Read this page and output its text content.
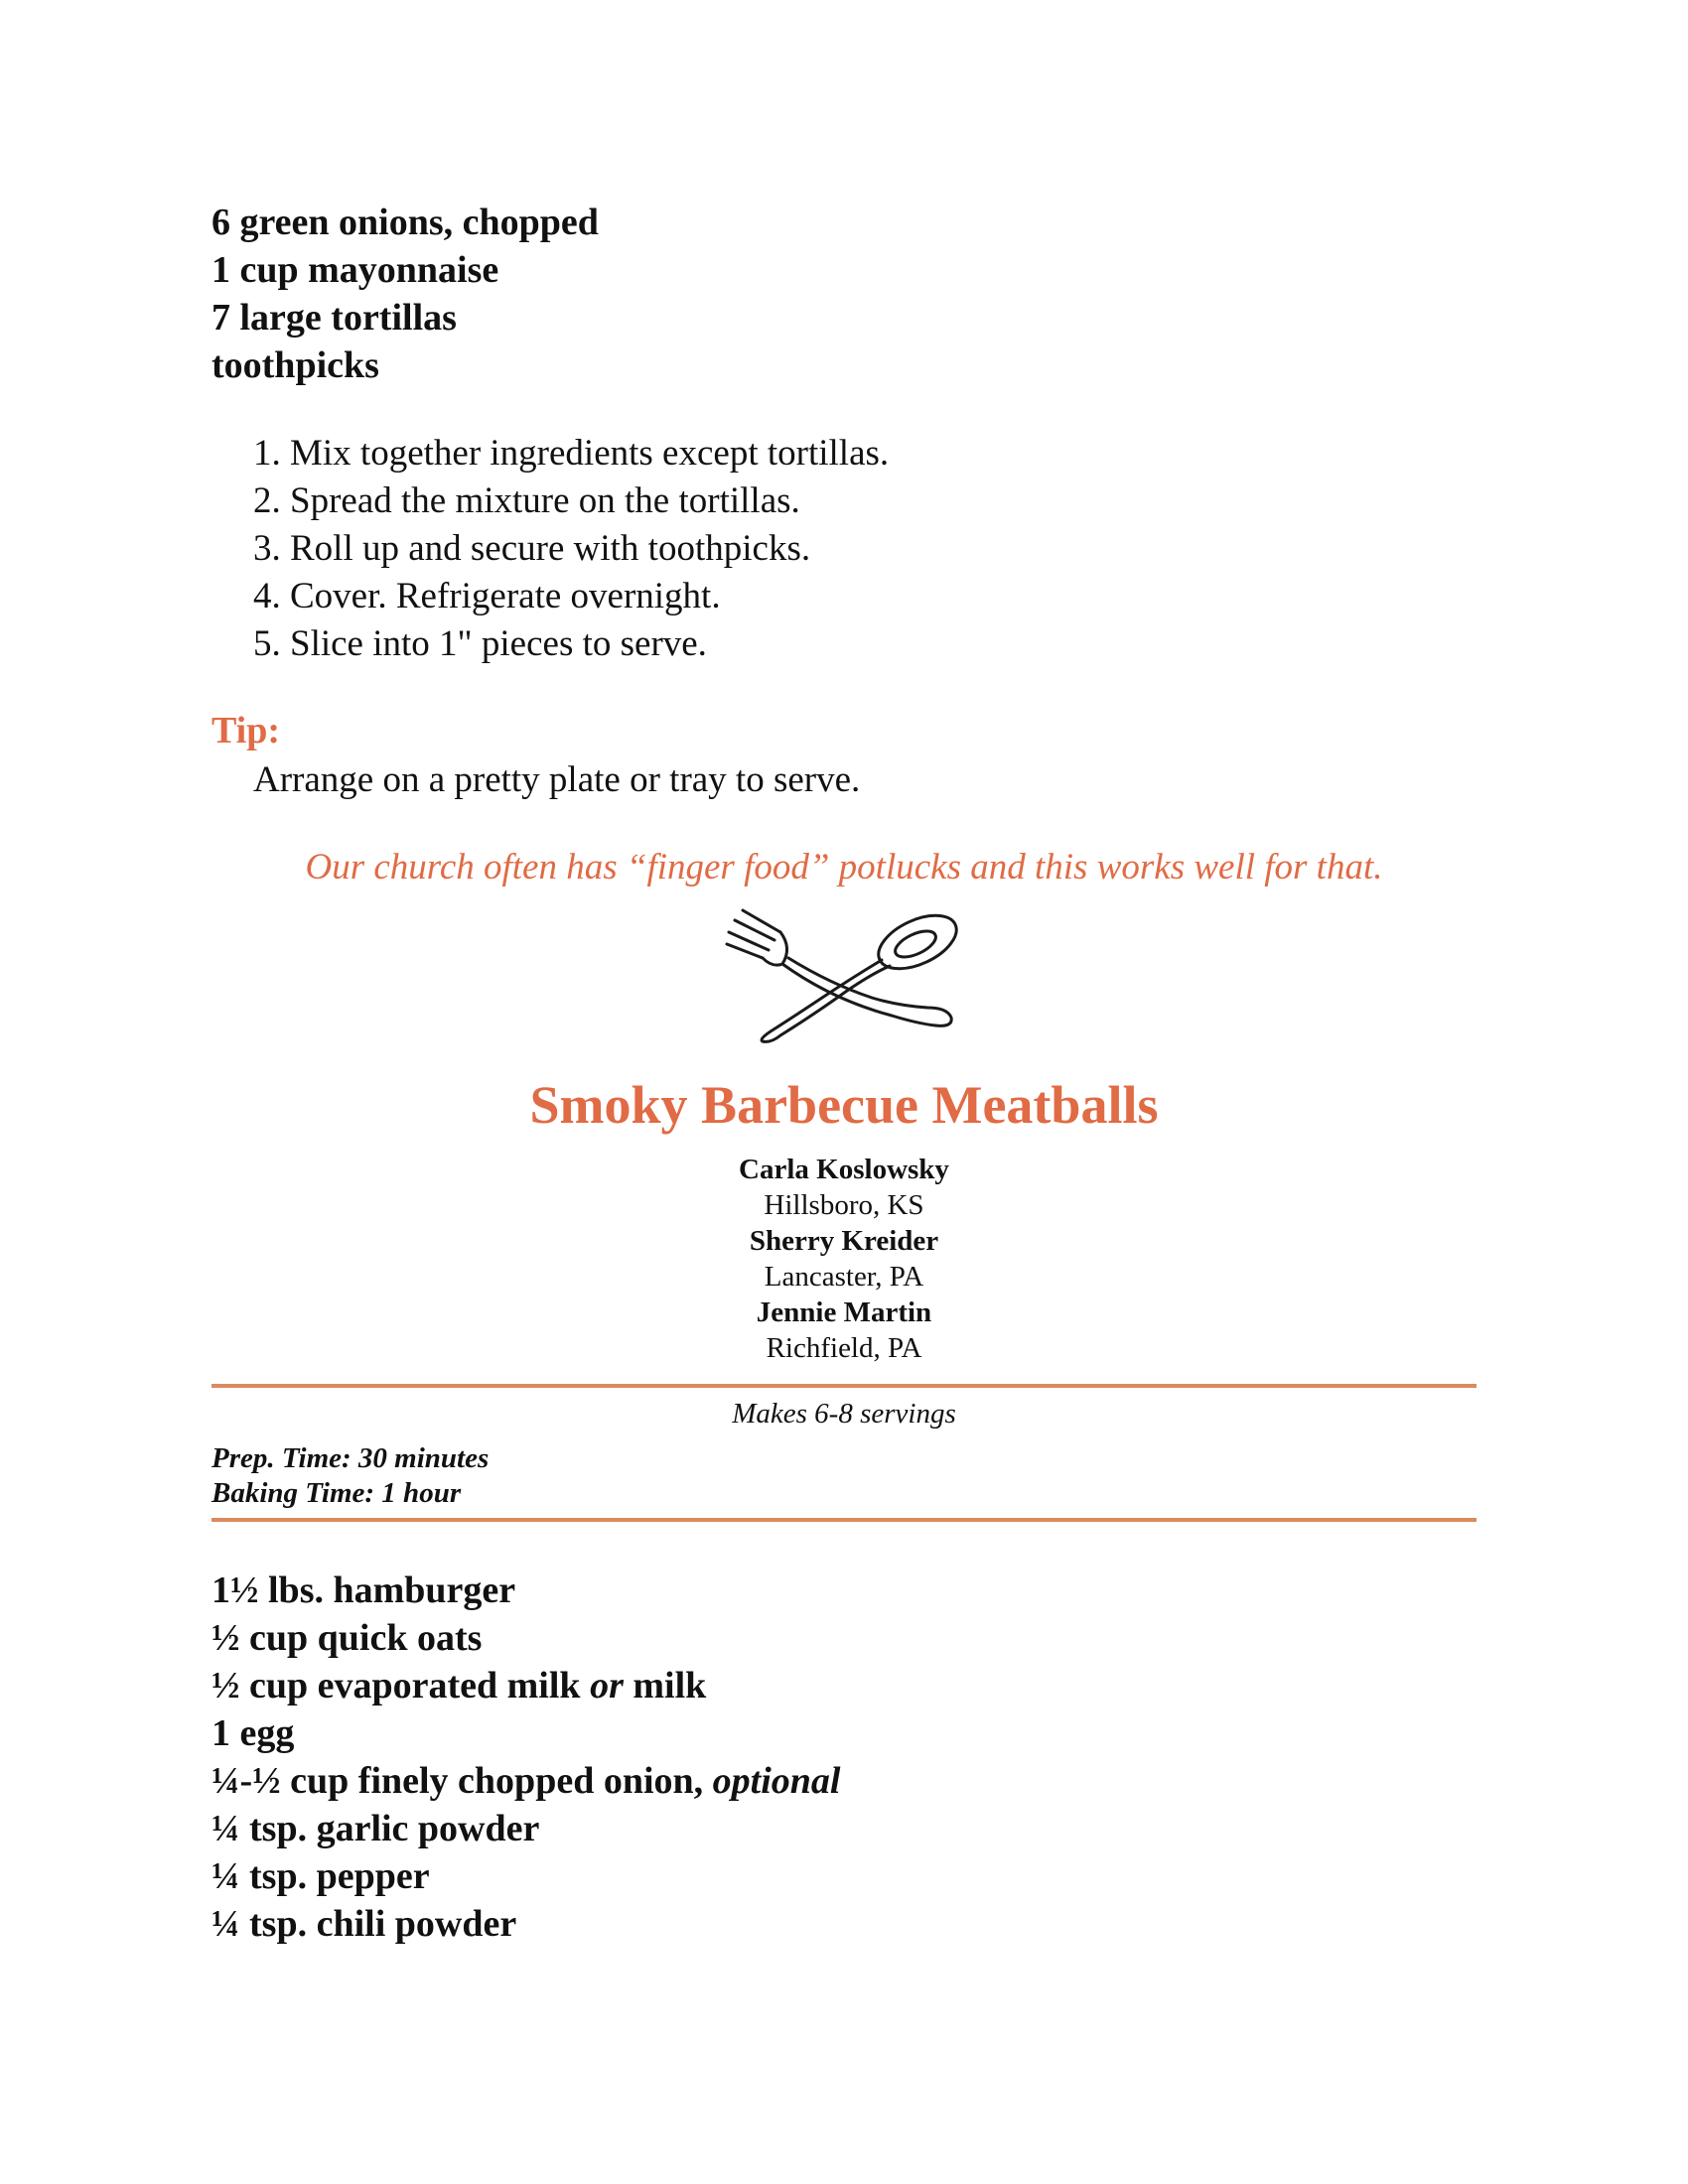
6 green onions, chopped
1 cup mayonnaise
7 large tortillas
toothpicks
1. Mix together ingredients except tortillas.
2. Spread the mixture on the tortillas.
3. Roll up and secure with toothpicks.
4. Cover. Refrigerate overnight.
5. Slice into 1" pieces to serve.
Tip:
Arrange on a pretty plate or tray to serve.
Our church often has “finger food” potlucks and this works well for that.
Smoky Barbecue Meatballs
Carla Koslowsky
Hillsboro, KS
Sherry Kreider
Lancaster, PA
Jennie Martin
Richfield, PA
Makes 6-8 servings
Prep. Time: 30 minutes
Baking Time: 1 hour
1½ lbs. hamburger
½ cup quick oats
½ cup evaporated milk or milk
1 egg
¼-½ cup finely chopped onion, optional
¼ tsp. garlic powder
¼ tsp. pepper
¼ tsp. chili powder
